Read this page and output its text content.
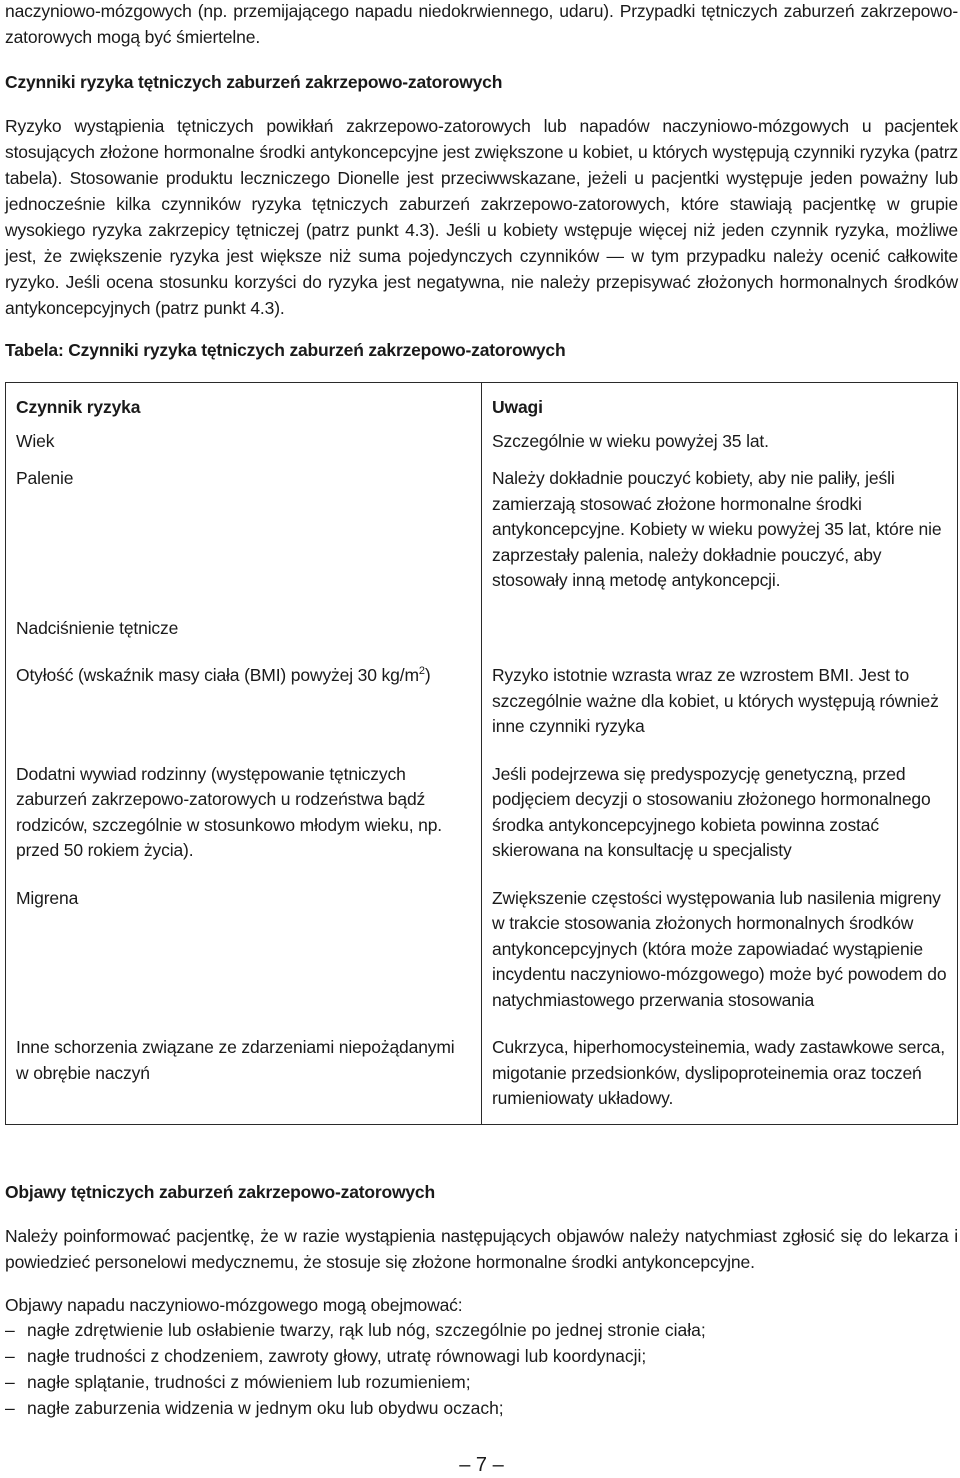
naczyniowo-mózgowych (np. przemijającego napadu niedokrwiennego, udaru). Przypadki tętniczych zaburzeń zakrzepowo-zatorowych mogą być śmiertelne.

Czynniki ryzyka tętniczych zaburzeń zakrzepowo-zatorowych

Ryzyko wystąpienia tętniczych powikłań zakrzepowo-zatorowych lub napadów naczyniowo-mózgowych u pacjentek stosujących złożone hormonalne środki antykoncepcyjne jest zwiększone u kobiet, u których występują czynniki ryzyka (patrz tabela). Stosowanie produktu leczniczego Dionelle jest przeciwwskazane, jeżeli u pacjentki występuje jeden poważny lub jednocześnie kilka czynników ryzyka tętniczych zaburzeń zakrzepowo-zatorowych, które stawiają pacjentkę w grupie wysokiego ryzyka zakrzepicy tętniczej (patrz punkt 4.3). Jeśli u kobiety wstępuje więcej niż jeden czynnik ryzyka, możliwe jest, że zwiększenie ryzyka jest większe niż suma pojedynczych czynników — w tym przypadku należy ocenić całkowite ryzyko. Jeśli ocena stosunku korzyści do ryzyka jest negatywna, nie należy przepisywać złożonych hormonalnych środków antykoncepcyjnych (patrz punkt 4.3).

Tabela: Czynniki ryzyka tętniczych zaburzeń zakrzepowo-zatorowych

Czynnik ryzyka	Uwagi
Wiek	Szczególnie w wieku powyżej 35 lat.
Palenie	Należy dokładnie pouczyć kobiety, aby nie paliły, jeśli zamierzają stosować złożone hormonalne środki antykoncepcyjne. Kobiety w wieku powyżej 35 lat, które nie zaprzestały palenia, należy dokładnie pouczyć, aby stosowały inną metodę antykoncepcji.
Nadciśnienie tętnicze	
Otyłość (wskaźnik masy ciała (BMI) powyżej 30 $kg/m^2$)	Ryzyko istotnie wzrasta wraz ze wzrostem BMI. Jest to szczególnie ważne dla kobiet, u których występują również inne czynniki ryzyka
Dodatni wywiad rodzinny (występowanie tętniczych zaburzeń zakrzepowo-zatorowych u rodzeństwa bądź rodziców, szczególnie w stosunkowo młodym wieku, np. przed 50 rokiem życia).	Jeśli podejrzewa się predyspozycję genetyczną, przed podjęciem decyzji o stosowaniu złożonego hormonalnego środka antykoncepcyjnego kobieta powinna zostać skierowana na konsultację u specjalisty
Migrena	Zwiększenie częstości występowania lub nasilenia migreny w trakcie stosowania złożonych hormonalnych środków antykoncepcyjnych (która może zapowiadać wystąpienie incydentu naczyniowo-mózgowego) może być powodem do natychmiastowego przerwania stosowania
Inne schorzenia związane ze zdarzeniami niepożądanymi w obrębie naczyń	Cukrzyca, hiperhomocysteinemia, wady zastawkowe serca, migotanie przedsionków, dyslipoproteinemia oraz toczeń rumieniowaty układowy.

Objawy tętniczych zaburzeń zakrzepowo-zatorowych

Należy poinformować pacjentkę, że w razie wystąpienia następujących objawów należy natychmiast zgłosić się do lekarza i powiedzieć personelowi medycznemu, że stosuje się złożone hormonalne środki antykoncepcyjne.

Objawy napadu naczyniowo-mózgowego mogą obejmować:

– nagłe zdrętwienie lub osłabienie twarzy, rąk lub nóg, szczególnie po jednej stronie ciała;
– nagłe trudności z chodzeniem, zawroty głowy, utratę równowagi lub koordynacji;
– nagłe splątanie, trudności z mówieniem lub rozumieniem;
– nagłe zaburzenia widzenia w jednym oku lub obydwu oczach;

– 7 –
